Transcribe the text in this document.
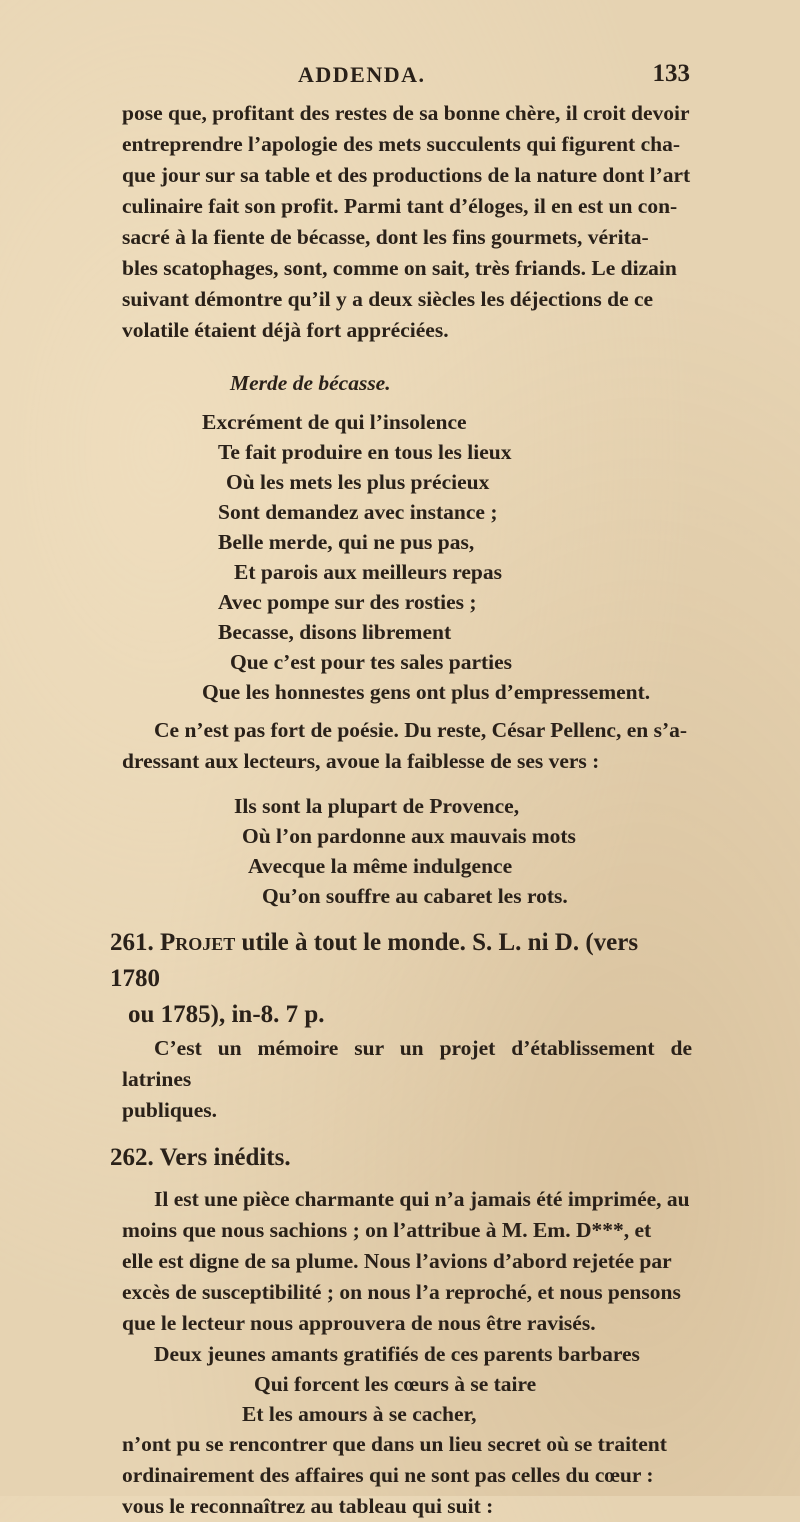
ADDENDA.	133

pose que, profitant des restes de sa bonne chère, il croit devoir

entreprendre l’apologie des mets succulents qui figurent cha-

que jour sur sa table et des productions de la nature dont l’art

culinaire fait son profit. Parmi tant d’éloges, il en est un con-

sacré à la fiente de bécasse, dont les fins gourmets, vérita-

bles scatophages, sont, comme on sait, très friands. Le dizain

suivant démontre qu’il y a deux siècles les déjections de ce

volatile étaient déjà fort appréciées.

Merde de bécasse.

Excrément de qui l’insolence
Te fait produire en tous les lieux
Où les mets les plus précieux
Sont demandez avec instance ;
Belle merde, qui ne pus pas,
Et parois aux meilleurs repas
Avec pompe sur des rosties ;
Becasse, disons librement
Que c’est pour tes sales parties
Que les honnestes gens ont plus d’empressement.

Ce n’est pas fort de poésie. Du reste, César Pellenc, en s’a-

dressant aux lecteurs, avoue la faiblesse de ses vers :

Ils sont la plupart de Provence,
Où l’on pardonne aux mauvais mots
Avecque la même indulgence
Qu’on souffre au cabaret les rots.
261. Projet utile à tout le monde. S. L. ni D. (vers 1780
ou 1785), in-8. 7 p.

C’est un mémoire sur un projet d’établissement de latrines

publiques.

262. Vers inédits.

Il est une pièce charmante qui n’a jamais été imprimée, au

moins que nous sachions ; on l’attribue à M. Em. D***, et

elle est digne de sa plume. Nous l’avions d’abord rejetée par

excès de susceptibilité ; on nous l’a reproché, et nous pensons

que le lecteur nous approuvera de nous être ravisés.

Deux jeunes amants gratifiés de ces parents barbares
Qui forcent les cœurs à se taire
Et les amours à se cacher,

n’ont pu se rencontrer que dans un lieu secret où se traitent

ordinairement des affaires qui ne sont pas celles du cœur :

vous le reconnaîtrez au tableau qui suit :
